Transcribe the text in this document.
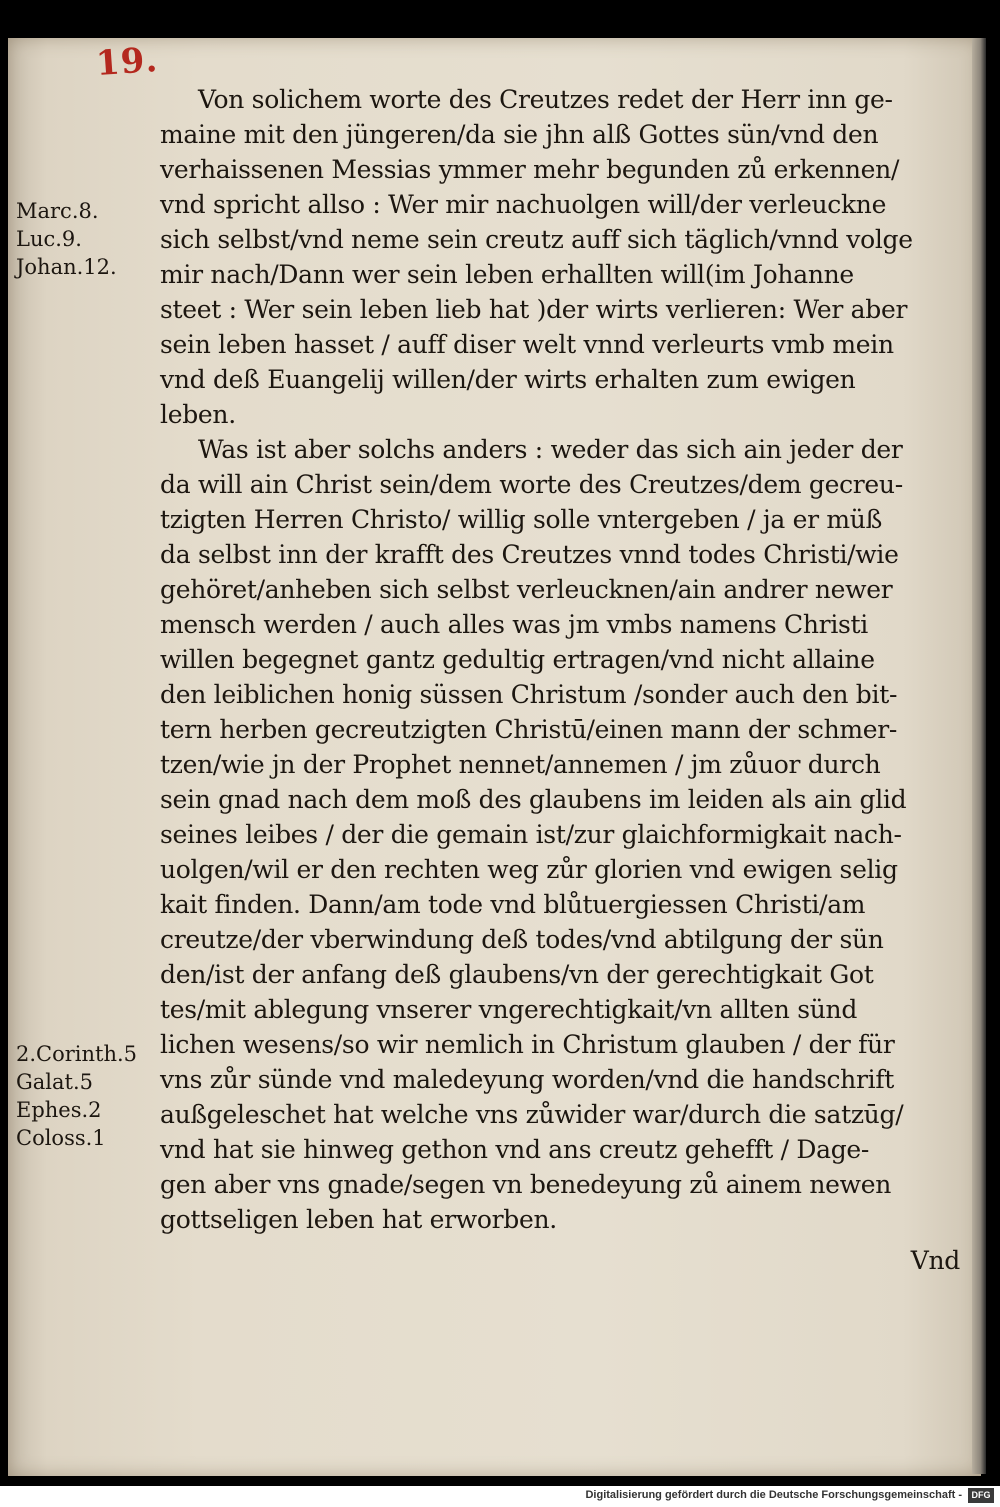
19.
Marc.8.
Luc.9.
Johan.12.
2.Corinth.5
Galat.5
Ephes.2
Coloss.1
Von solichem worte des Creutzes redet der Herr inn ge‑
maine mit den jüngeren/da sie jhn alß Gottes sün/vnd den
verhaissenen Messias ymmer mehr begunden zů erkennen/
vnd spricht allso : Wer mir nachuolgen will/der verleucknе
sich selbst/vnd neme sein creutz auff sich täglich/vnnd volge
mir nach/Dann wer sein leben erhallten will(im Johanne
steet : Wer sein leben lieb hat )der wirts verlieren: Wer aber
sein leben hasset / auff diser welt vnnd verleurts vmb mein
vnd deß Euangelij willen/der wirts erhalten zum ewigen
leben.
Was ist aber solchs anders : weder das sich ain jeder der
da will ain Christ sein/dem worte des Creutzes/dem gecreu‑
tzigten Herren Christo/ willig solle vntergeben / ja er müß
da selbst inn der krafft des Creutzes vnnd todes Christi/wie
gehöret/anheben sich selbst verleucknen/ain andrer newer
mensch werden / auch alles was jm vmbs namens Christi
willen begegnet gantz gedultig ertragen/vnd nicht allaine
den leiblichen honig süssen Christum /sonder auch den bit‑
tern herben gecreutzigten Christū/einen mann der schmer‑
tzen/wie jn der Prophet nennet/annemen / jm zůuor durch
sein gnad nach dem moß des glaubens im leiden als ain glid
seines leibes / der die gemain ist/zur glaichformigkait nach‑
uolgen/wil er den rechten weg zůr glorien vnd ewigen selig
kait finden. Dann/am tode vnd blůtuergiessen Christi/am
creutze/der vberwindung deß todes/vnd abtilgung der sün
den/ist der anfang deß glaubens/vn der gerechtigkait Got
tes/mit ablegung vnserer vngerechtigkait/vn allten sünd
lichen wesens/so wir nemlich in Christum glauben / der für
vns zůr sünde vnd maledeyung worden/vnd die handschrift
außgeleschet hat welche vns zůwider war/durch die satzūg/
vnd hat sie hinweg gethon vnd ans creutz gehefft / Dage‑
gen aber vns gnade/segen vn benedeyung zů ainem newen
gottseligen leben hat erworben.
Vnd
Digitalisierung gefördert durch die Deutsche Forschungsgemeinschaft -	DFG
